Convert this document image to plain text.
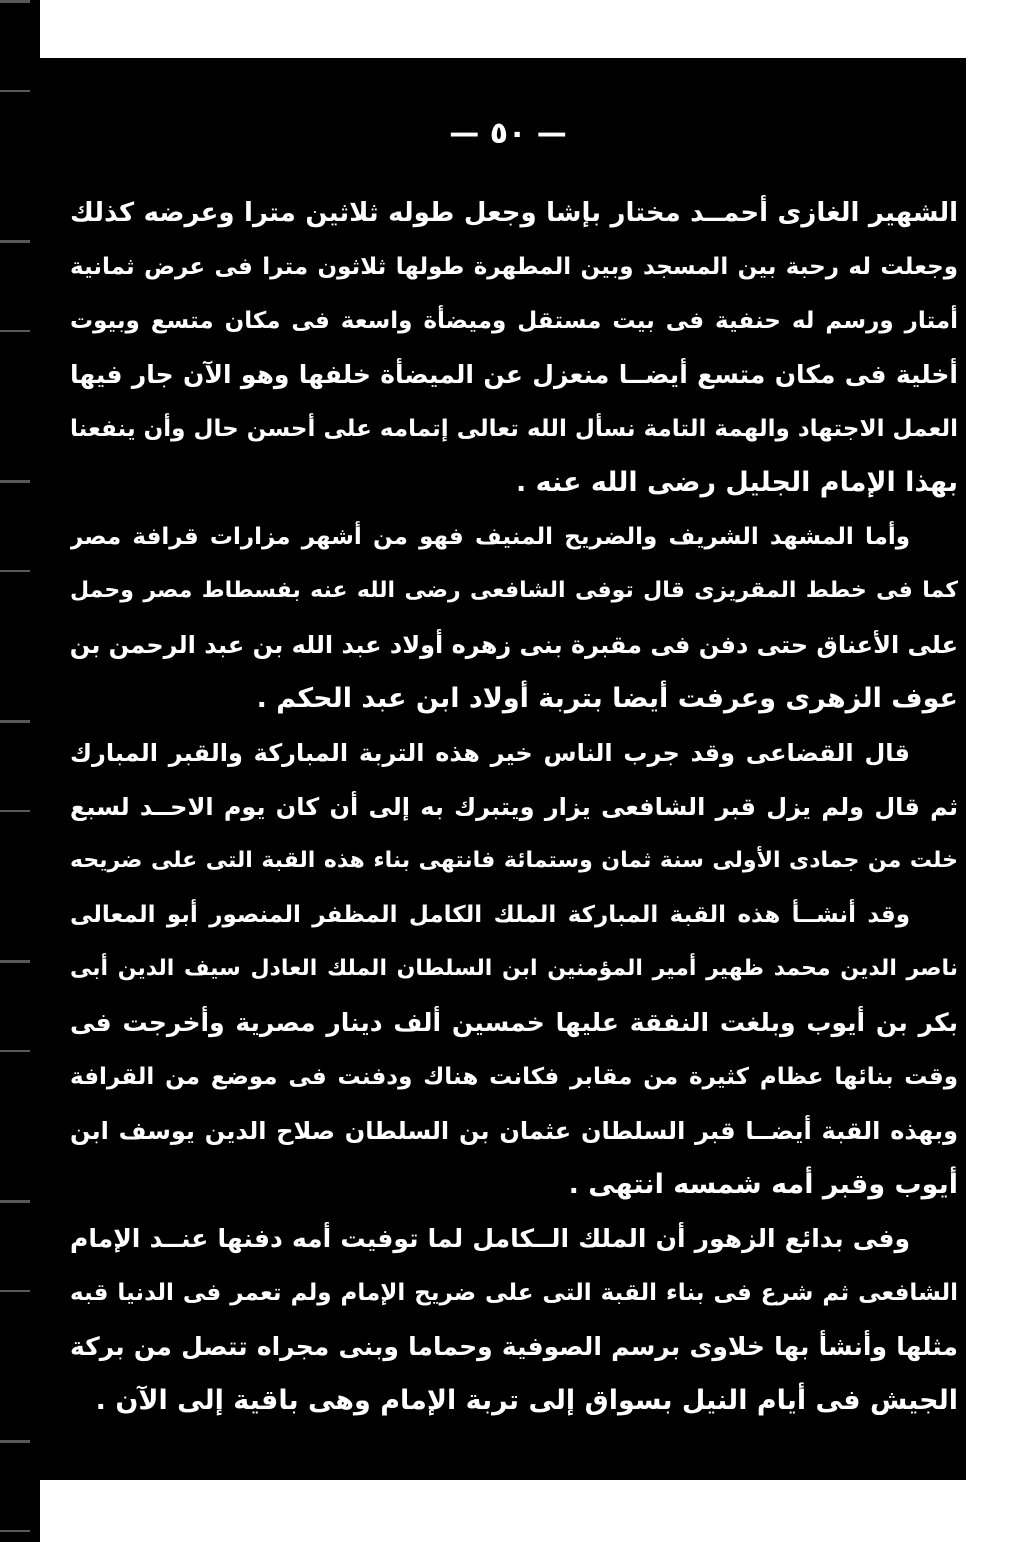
— ٥٠ —
الشهير الغازى أحمــد مختار بإشا وجعل طوله ثلاثين مترا وعرضه كذلك
وجعلت له رحبة بين المسجد وبين المطهرة طولها ثلاثون مترا فى عرض ثمانية
أمتار ورسم له حنفية فى بيت مستقل وميضأة واسعة فى مكان متسع وبيوت
أخلية فى مكان متسع أيضــا منعزل عن الميضأة خلفها وهو الآن جار فيها
العمل الاجتهاد والهمة التامة نسأل الله تعالى إتمامه على أحسن حال وأن ينفعنا
بهذا الإمام الجليل رضى الله عنه .
وأما المشهد الشريف والضريح المنيف فهو من أشهر مزارات قرافة مصر
كما فى خطط المقريزى قال توفى الشافعى رضى الله عنه بفسطاط مصر وحمل
على الأعناق حتى دفن فى مقبرة بنى زهره أولاد عبد الله بن عبد الرحمن بن
عوف الزهرى وعرفت أيضا بتربة أولاد ابن عبد الحكم .
قال القضاعى وقد جرب الناس خير هذه التربة المباركة والقبر المبارك
ثم قال ولم يزل قبر الشافعى يزار ويتبرك به إلى أن كان يوم الاحــد لسبع
خلت من جمادى الأولى سنة ثمان وستمائة فانتهى بناء هذه القبة التى على ضريحه
وقد أنشــأ هذه القبة المباركة الملك الكامل المظفر المنصور أبو المعالى
ناصر الدين محمد ظهير أمير المؤمنين ابن السلطان الملك العادل سيف الدين أبى
بكر بن أيوب وبلغت النفقة عليها خمسين ألف دينار مصرية وأخرجت فى
وقت بنائها عظام كثيرة من مقابر فكانت هناك ودفنت فى موضع من القرافة
وبهذه القبة أيضــا قبر السلطان عثمان بن السلطان صلاح الدين يوسف ابن
أيوب وقبر أمه شمسه انتهى .
وفى بدائع الزهور أن الملك الــكامل لما توفيت أمه دفنها عنــد الإمام
الشافعى ثم شرع فى بناء القبة التى على ضريح الإمام ولم تعمر فى الدنيا قبه
مثلها وأنشأ بها خلاوى برسم الصوفية وحماما وبنى مجراه تتصل من بركة
الجيش فى أيام النيل بسواق إلى تربة الإمام وهى باقية إلى الآن .
